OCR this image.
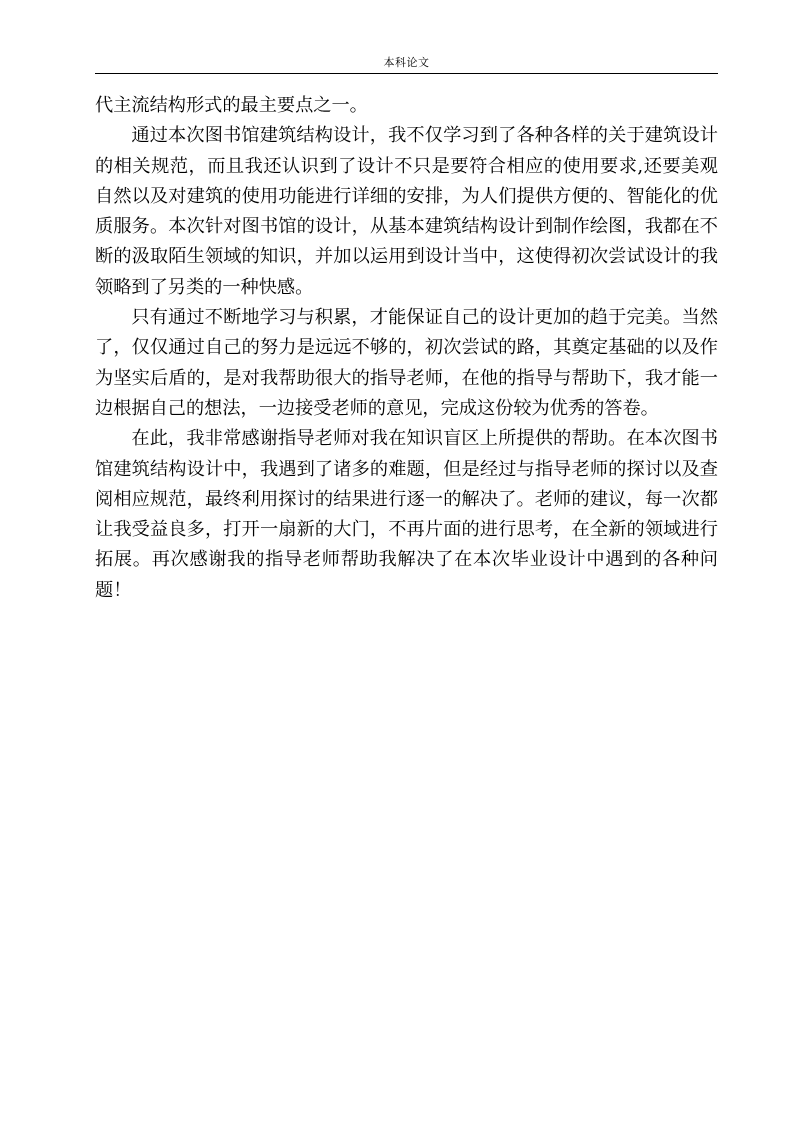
本科论文

代主流结构形式的最主要点之一。

通过本次图书馆建筑结构设计，我不仅学习到了各种各样的关于建筑设计的相关规范，而且我还认识到了设计不只是要符合相应的使用要求,还要美观自然以及对建筑的使用功能进行详细的安排，为人们提供方便的、智能化的优质服务。本次针对图书馆的设计，从基本建筑结构设计到制作绘图，我都在不断的汲取陌生领域的知识，并加以运用到设计当中，这使得初次尝试设计的我领略到了另类的一种快感。

只有通过不断地学习与积累，才能保证自己的设计更加的趋于完美。当然了，仅仅通过自己的努力是远远不够的，初次尝试的路，其奠定基础的以及作为坚实后盾的，是对我帮助很大的指导老师，在他的指导与帮助下，我才能一边根据自己的想法，一边接受老师的意见，完成这份较为优秀的答卷。

在此，我非常感谢指导老师对我在知识盲区上所提供的帮助。在本次图书馆建筑结构设计中，我遇到了诸多的难题，但是经过与指导老师的探讨以及查阅相应规范，最终利用探讨的结果进行逐一的解决了。老师的建议，每一次都让我受益良多，打开一扇新的大门，不再片面的进行思考，在全新的领域进行拓展。再次感谢我的指导老师帮助我解决了在本次毕业设计中遇到的各种问题！
